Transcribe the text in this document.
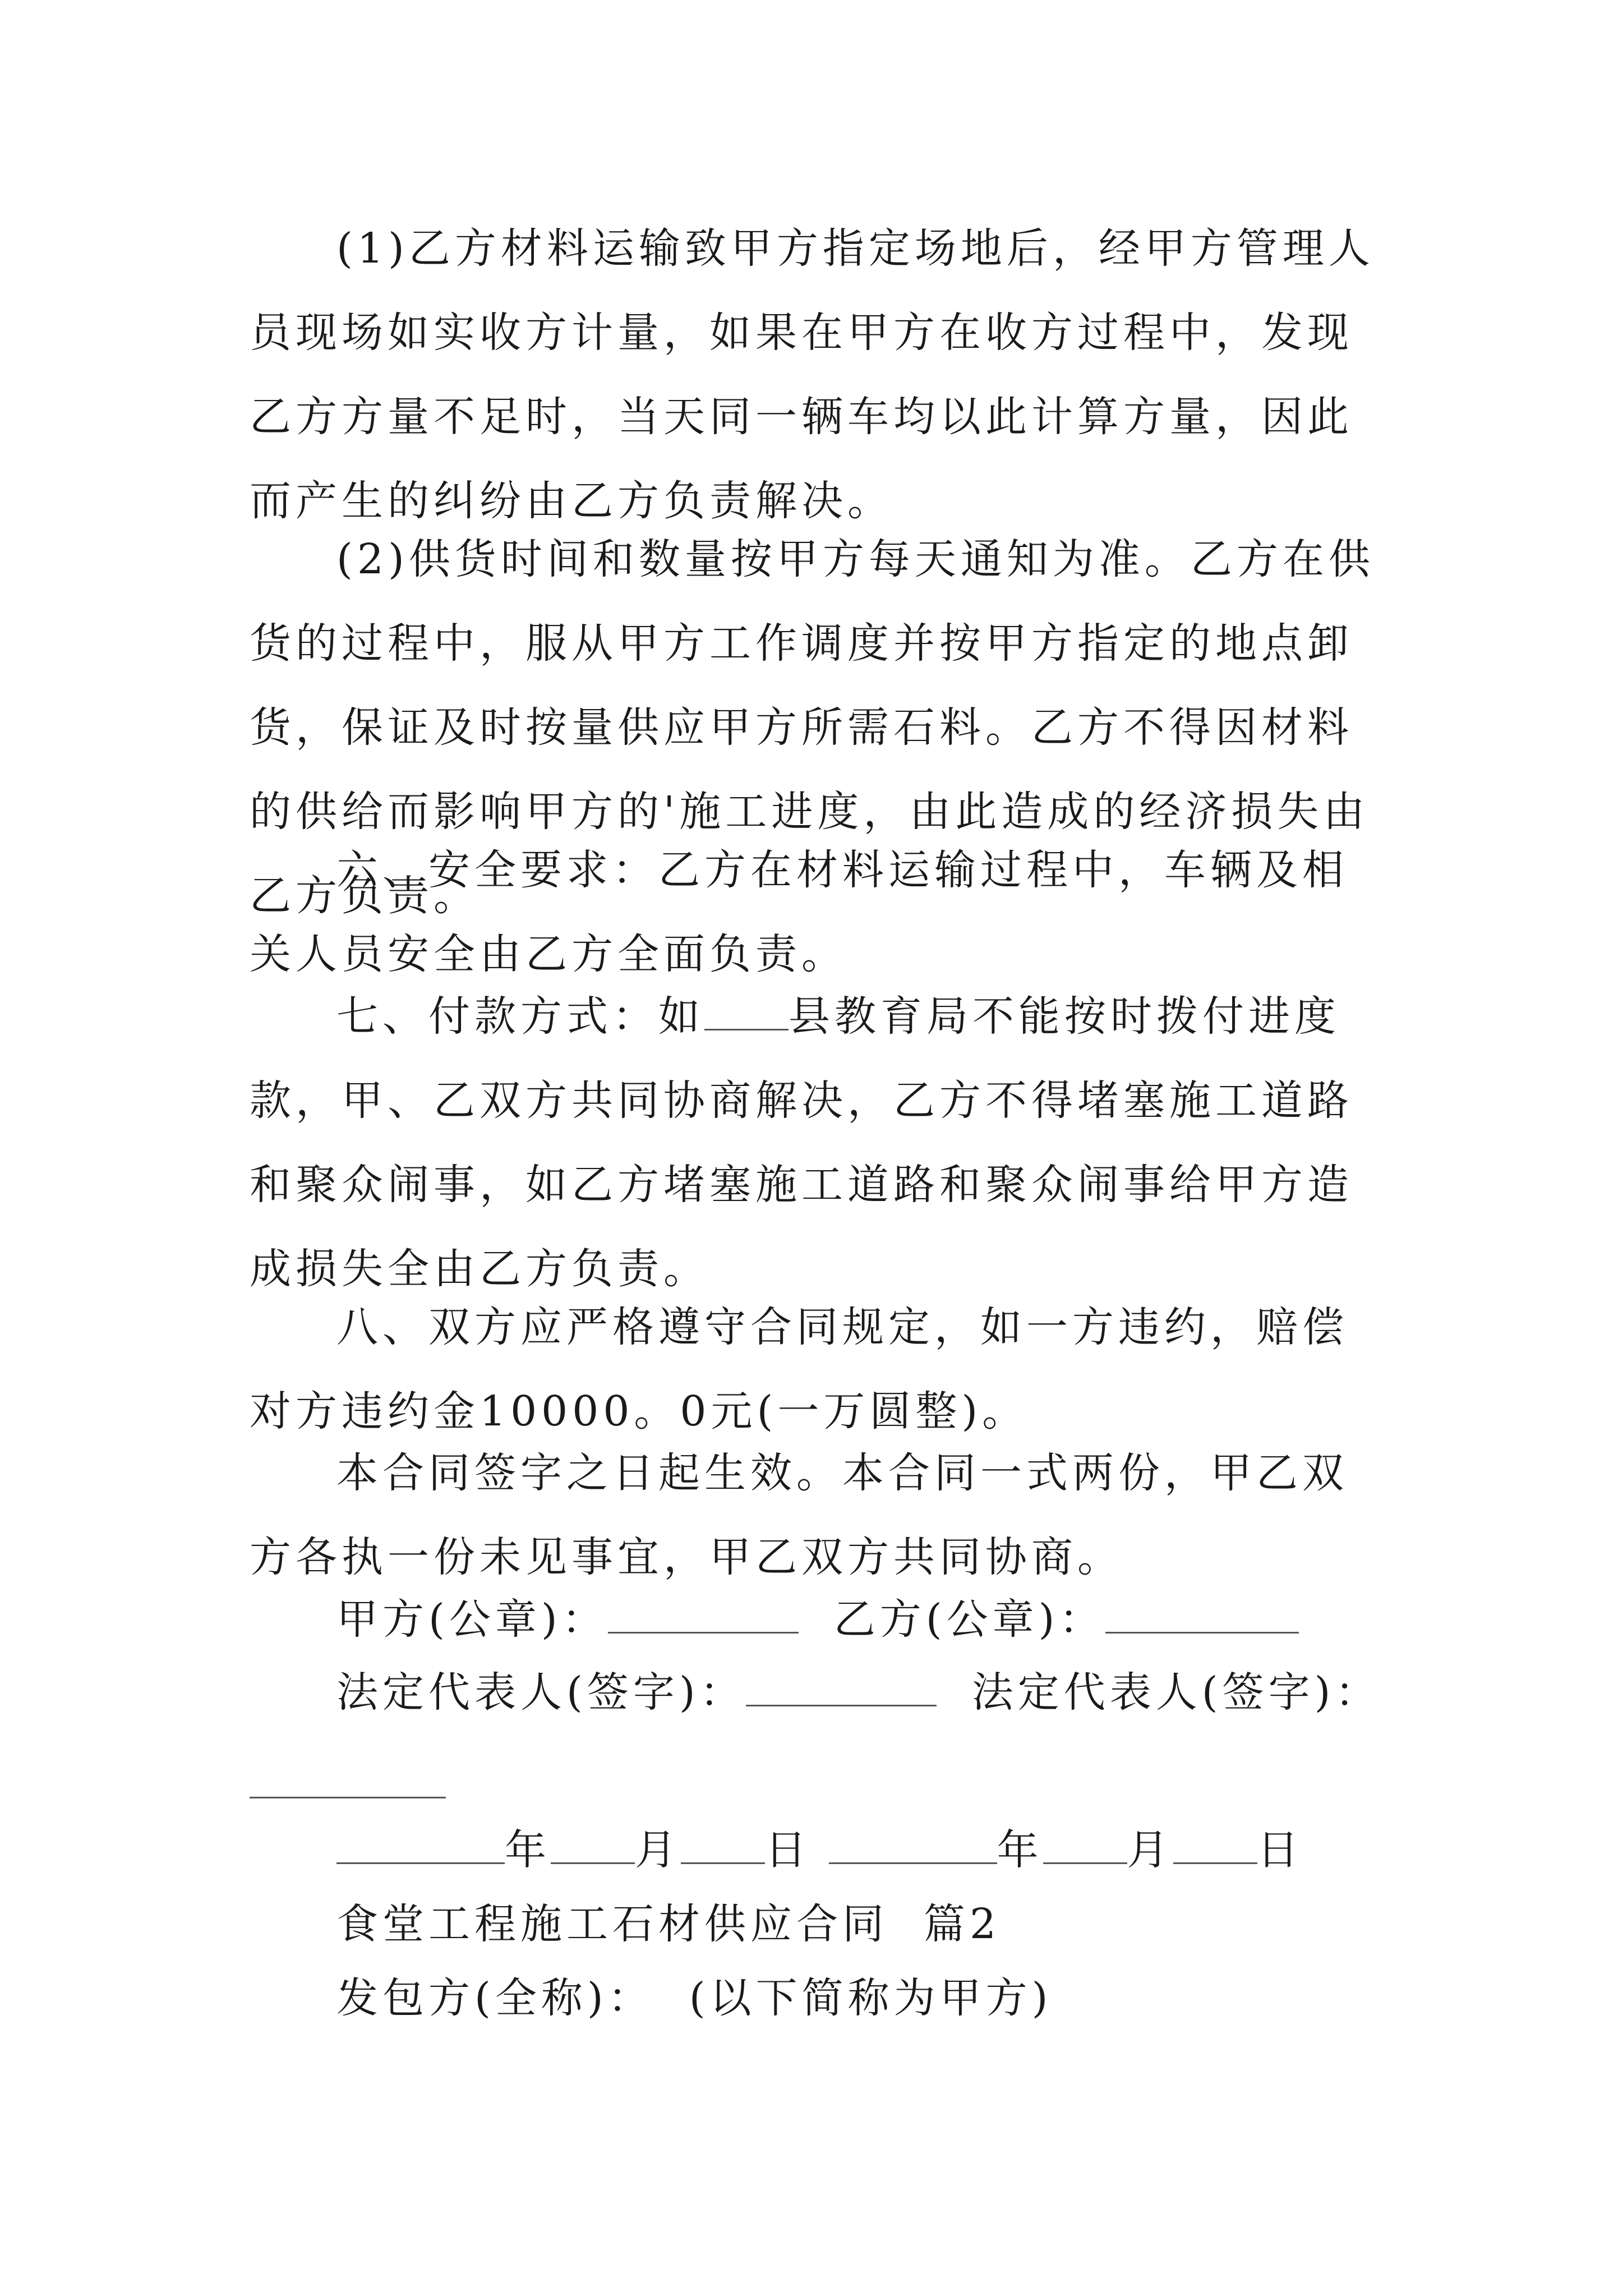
(1)乙方材料运输致甲方指定场地后，经甲方管理人员现场如实收方计量，如果在甲方在收方过程中，发现乙方方量不足时，当天同一辆车均以此计算方量，因此而产生的纠纷由乙方负责解决。

(2)供货时间和数量按甲方每天通知为准。乙方在供货的过程中，服从甲方工作调度并按甲方指定的地点卸货，保证及时按量供应甲方所需石料。乙方不得因材料的供给而影响甲方的'施工进度，由此造成的经济损失由乙方负责。

六、安全要求：乙方在材料运输过程中，车辆及相关人员安全由乙方全面负责。

七、付款方式：如 县教育局不能按时拨付进度款，甲、乙双方共同协商解决，乙方不得堵塞施工道路和聚众闹事，如乙方堵塞施工道路和聚众闹事给甲方造成损失全由乙方负责。

八、双方应严格遵守合同规定，如一方违约，赔偿对方违约金10000。0元(一万圆整)。

本合同签字之日起生效。本合同一式两份，甲乙双方各执一份未见事宜，甲乙双方共同协商。

甲方(公章)：	乙方(公章)：

法定代表人(签字)：	法定代表人(签字)：

年 月 日	年 月 日

食堂工程施工石材供应合同  篇2

发包方(全称)：  (以下简称为甲方)
